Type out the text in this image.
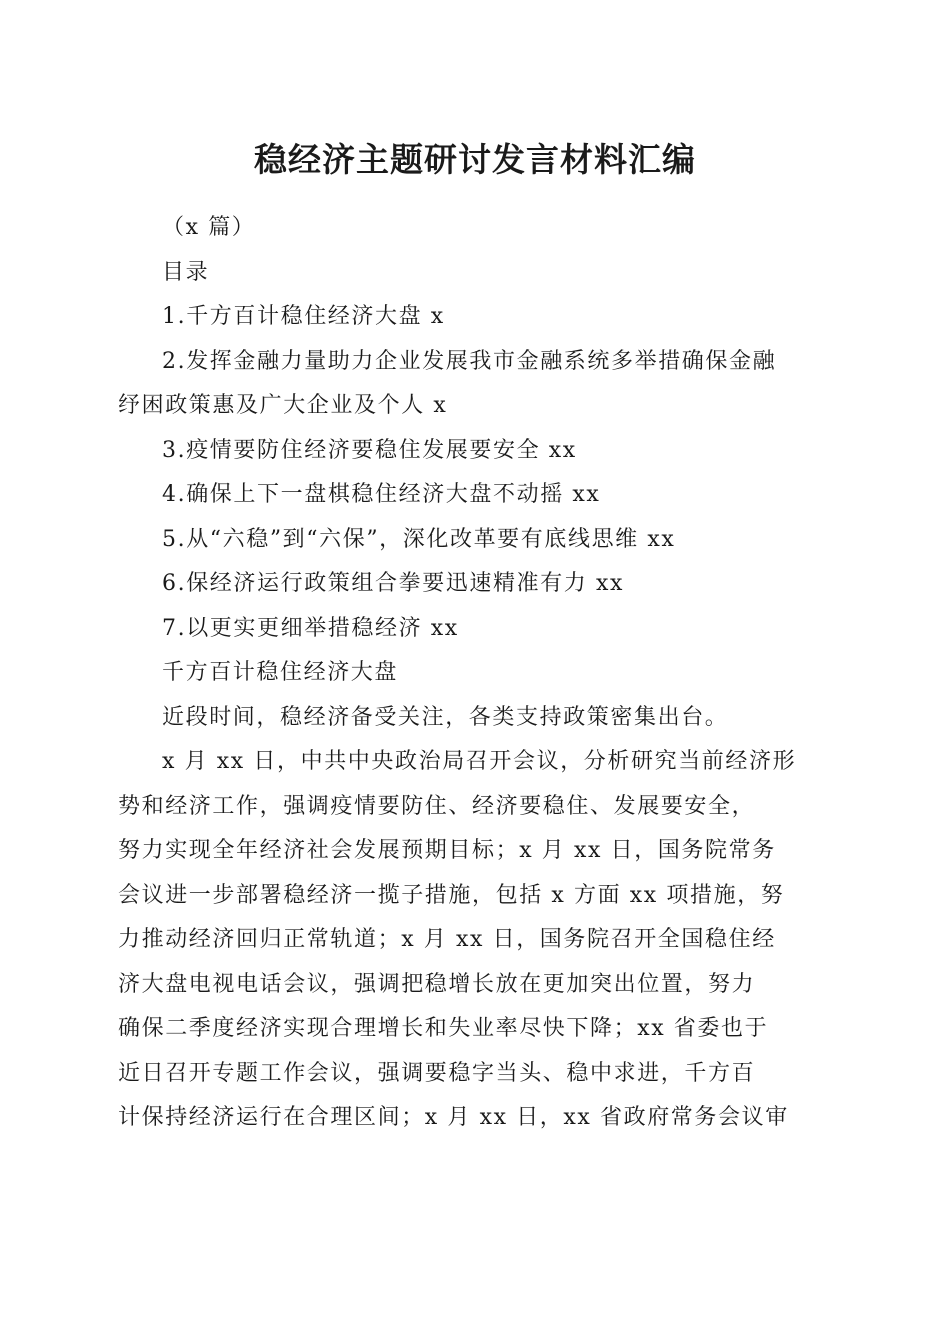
稳经济主题研讨发言材料汇编
（x 篇）
目录
1.千方百计稳住经济大盘 x
2.发挥金融力量助力企业发展我市金融系统多举措确保金融
纾困政策惠及广大企业及个人 x
3.疫情要防住经济要稳住发展要安全 xx
4.确保上下一盘棋稳住经济大盘不动摇 xx
5.从“六稳”到“六保”，深化改革要有底线思维 xx
6.保经济运行政策组合拳要迅速精准有力 xx
7.以更实更细举措稳经济 xx
千方百计稳住经济大盘
近段时间，稳经济备受关注，各类支持政策密集出台。
x 月 xx 日，中共中央政治局召开会议，分析研究当前经济形
势和经济工作，强调疫情要防住、经济要稳住、发展要安全，
努力实现全年经济社会发展预期目标；x 月 xx 日，国务院常务
会议进一步部署稳经济一揽子措施，包括 x 方面 xx 项措施，努
力推动经济回归正常轨道；x 月 xx 日，国务院召开全国稳住经
济大盘电视电话会议，强调把稳增长放在更加突出位置，努力
确保二季度经济实现合理增长和失业率尽快下降；xx 省委也于
近日召开专题工作会议，强调要稳字当头、稳中求进，千方百
计保持经济运行在合理区间；x 月 xx 日，xx 省政府常务会议审
